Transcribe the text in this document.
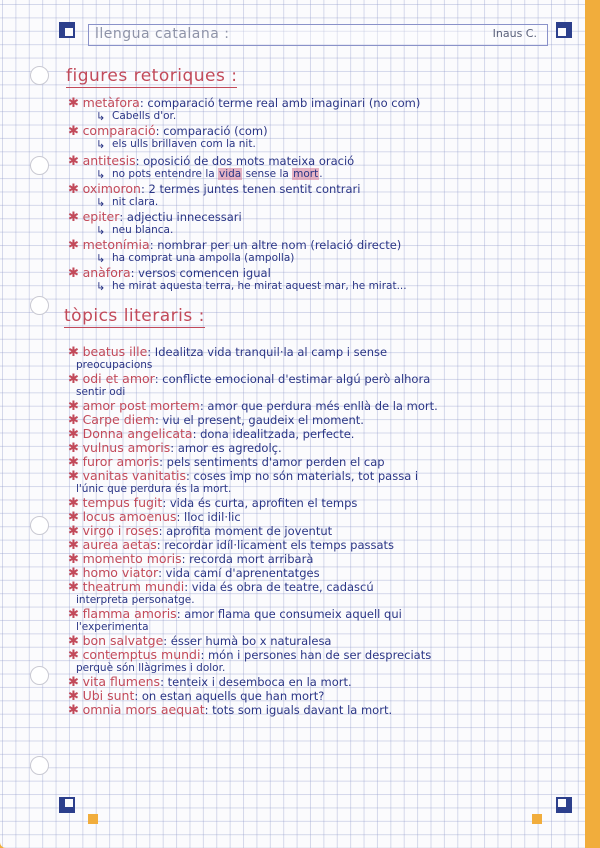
llengua catalana :	Inaus C.
figures retoriques :
✱ metàfora: comparació terme real amb imaginari (no com)
↳ Cabells d'or.
✱ comparació: comparació (com)
↳ els ulls brillaven com la nit.
✱ antitesis: oposició de dos mots mateixa oració
↳ no pots entendre la vida sense la mort.
✱ oximoron: 2 termes juntes tenen sentit contrari
↳ nit clara.
✱ epiter: adjectiu innecessari
↳ neu blanca.
✱ metonímia: nombrar per un altre nom (relació directe)
↳ ha comprat una ampolla (ampolla)
✱ anàfora: versos comencen igual
↳ he mirat aquesta terra, he mirat aquest mar, he mirat...
tòpics literaris :
✱ beatus ille: Idealitza vida tranquil·la al camp i sense
preocupacions
✱ odi et amor: conflicte emocional d'estimar algú però alhora
sentir odi
✱ amor post mortem: amor que perdura més enllà de la mort.
✱ Carpe diem: viu el present, gaudeix el moment.
✱ Donna angelicata: dona idealitzada, perfecte.
✱ vulnus amoris: amor es agredolç.
✱ furor amoris: pels sentiments d'amor perden el cap
✱ vanitas vanitatis: coses imp no són materials, tot passa i
l'únic que perdura és la mort.
✱ tempus fugit: vida és curta, aprofiten el temps
✱ locus amoenus: lloc idil·lic
✱ virgo i roses: aprofita moment de joventut
✱ aurea aetas: recordar idíl·licament els temps passats
✱ momento moris: recorda mort arribarà
✱ homo viator: vida camí d'aprenentatges
✱ theatrum mundi: vida és obra de teatre, cadascú
interpreta personatge.
✱ flamma amoris: amor flama que consumeix aquell qui
l'experimenta
✱ bon salvatge: ésser humà bo x naturalesa
✱ contemptus mundi: món i persones han de ser despreciats
perquè són llàgrimes i dolor.
✱ vita flumens: tenteix i desemboca en la mort.
✱ Ubi sunt: on estan aquells que han mort?
✱ omnia mors aequat: tots som iguals davant la mort.
